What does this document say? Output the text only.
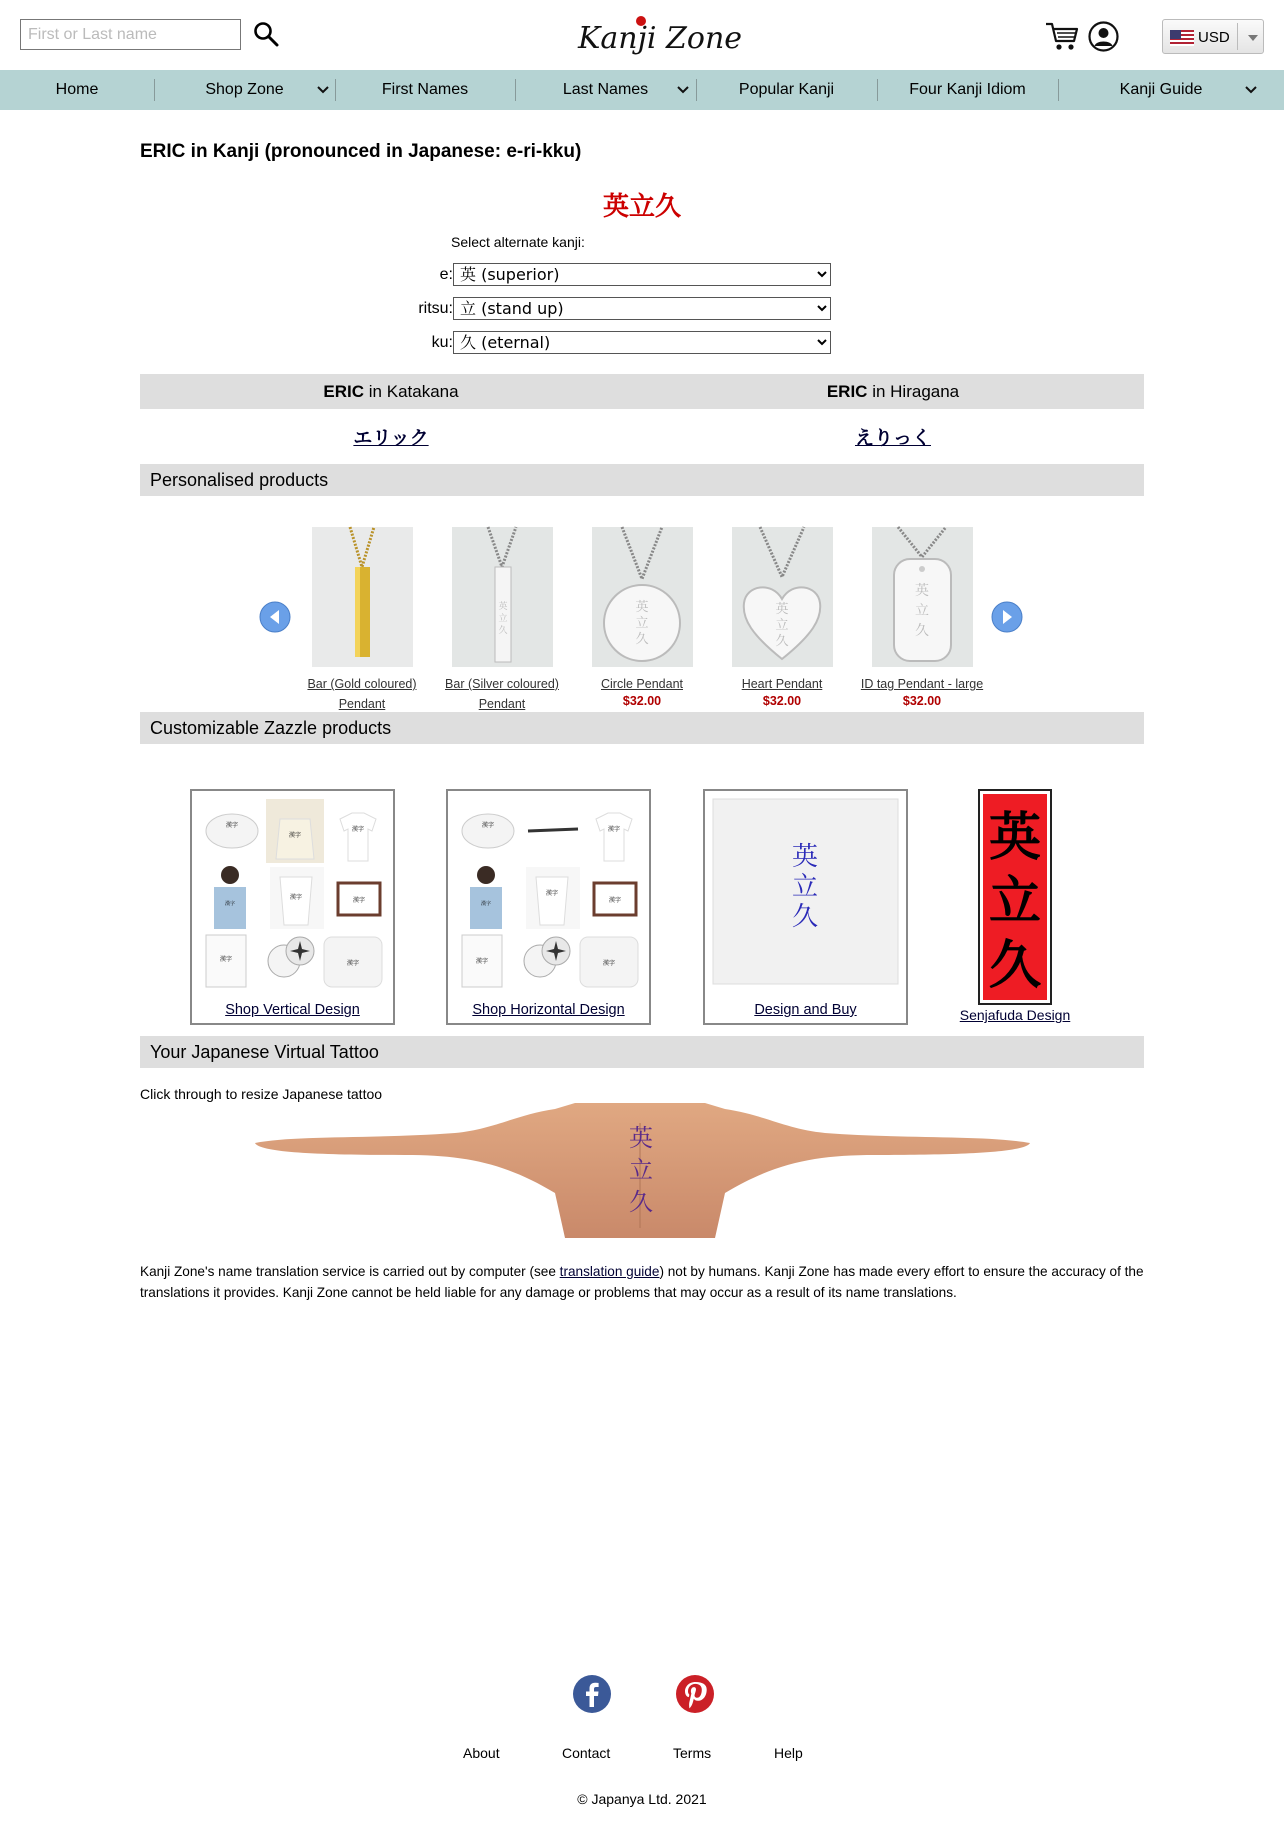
First or Last name
Kanji Zone	USD
Home	Shop Zone	First Names	Last Names	Popular Kanji	Four Kanji Idiom	Kanji Guide
ERIC in Kanji (pronounced in Japanese: e-ri-kku)
英立久
Select alternate kanji:
e:
英 (superior)
ritsu:
立 (stand up)
ku:
久 (eternal)
ERIC in Katakana	ERIC in Hiragana
エリック	えりっく
Personalised products
Bar (Gold coloured)
Pendant
英
立
久
Bar (Silver coloured)
Pendant
英
立
久
Circle Pendant
$32.00
英
立
久
Heart Pendant
$32.00
英
立
久
ID tag Pendant - large
$32.00
Customizable Zazzle products
漢字
漢字
漢字
漢字
漢字	漢字
漢字
漢字
Shop Vertical Design
漢字
漢字
漢字
漢字
漢字
漢字	漢字
Shop Horizontal Design
英
立
久
Design and Buy
英
立
久
Senjafuda Design
Your Japanese Virtual Tattoo
Click through to resize Japanese tattoo
英
立
久

Kanji Zone's name translation service is carried out by computer (see translation guide) not by humans. Kanji Zone has made every effort to ensure the accuracy of the translations it provides. Kanji Zone cannot be held liable for any damage or problems that may occur as a result of its name translations.

About	Contact	Terms	Help
© Japanya Ltd. 2021
